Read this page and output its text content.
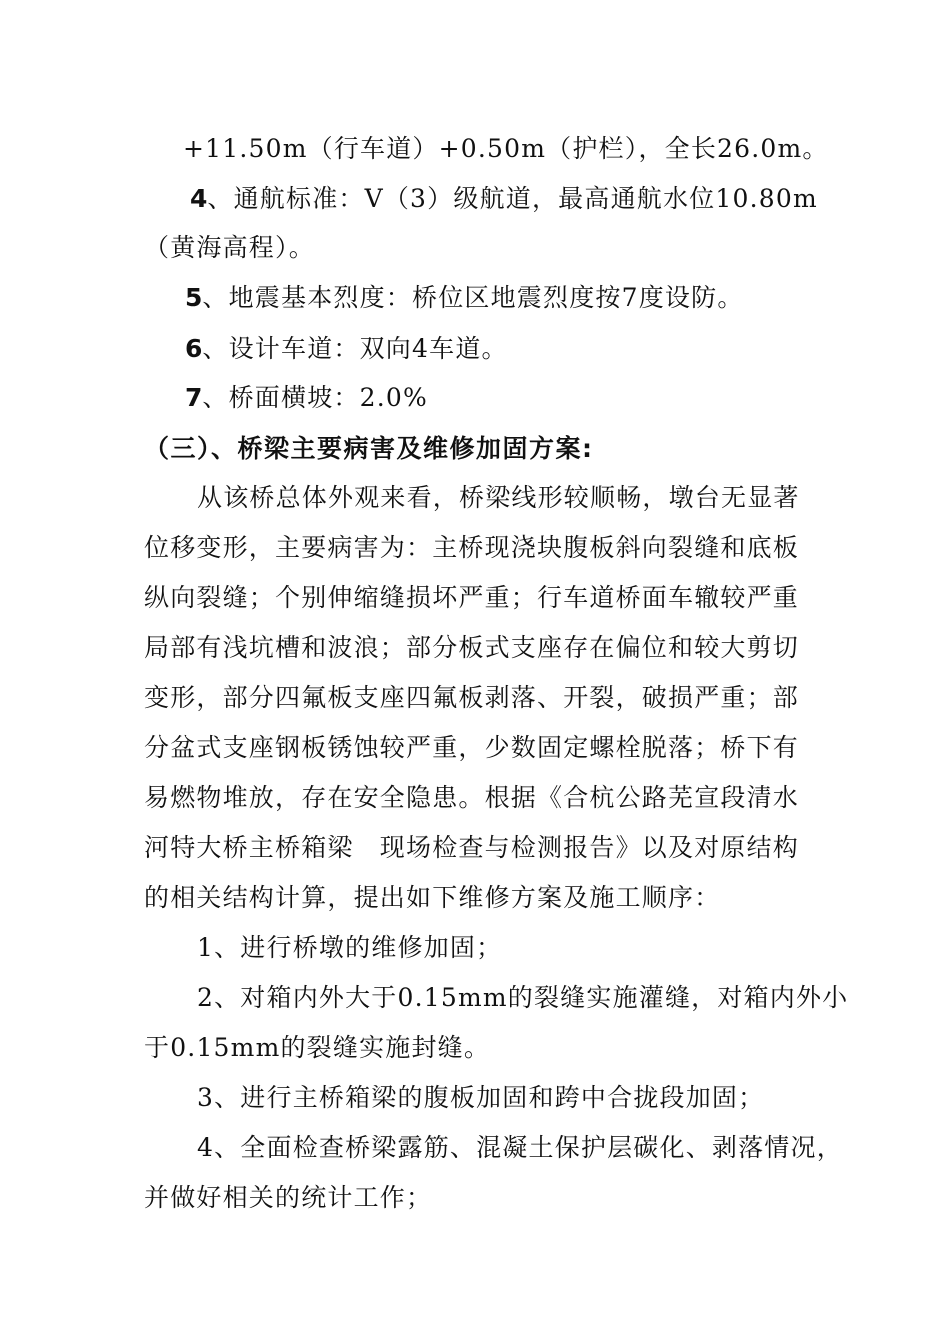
+11.50m（行车道）+0.50m（护栏），全长26.0m。
4、通航标准：Ⅴ（3）级航道，最高通航水位10.80m
（黄海高程）。
5、地震基本烈度：桥位区地震烈度按7度设防。
6、设计车道：双向4车道。
7、桥面横坡：2.0%
（三）、桥梁主要病害及维修加固方案:
从该桥总体外观来看，桥梁线形较顺畅，墩台无显著
位移变形，主要病害为：主桥现浇块腹板斜向裂缝和底板
纵向裂缝；个别伸缩缝损坏严重；行车道桥面车辙较严重
局部有浅坑槽和波浪；部分板式支座存在偏位和较大剪切
变形，部分四氟板支座四氟板剥落、开裂，破损严重；部
分盆式支座钢板锈蚀较严重，少数固定螺栓脱落；桥下有
易燃物堆放，存在安全隐患。根据《合杭公路芜宣段清水
河特大桥主桥箱梁　现场检查与检测报告》以及对原结构
的相关结构计算，提出如下维修方案及施工顺序：
1、进行桥墩的维修加固；
2、对箱内外大于0.15mm的裂缝实施灌缝，对箱内外小
于0.15mm的裂缝实施封缝。
3、进行主桥箱梁的腹板加固和跨中合拢段加固；
4、全面检查桥梁露筋、混凝土保护层碳化、剥落情况，
并做好相关的统计工作；
